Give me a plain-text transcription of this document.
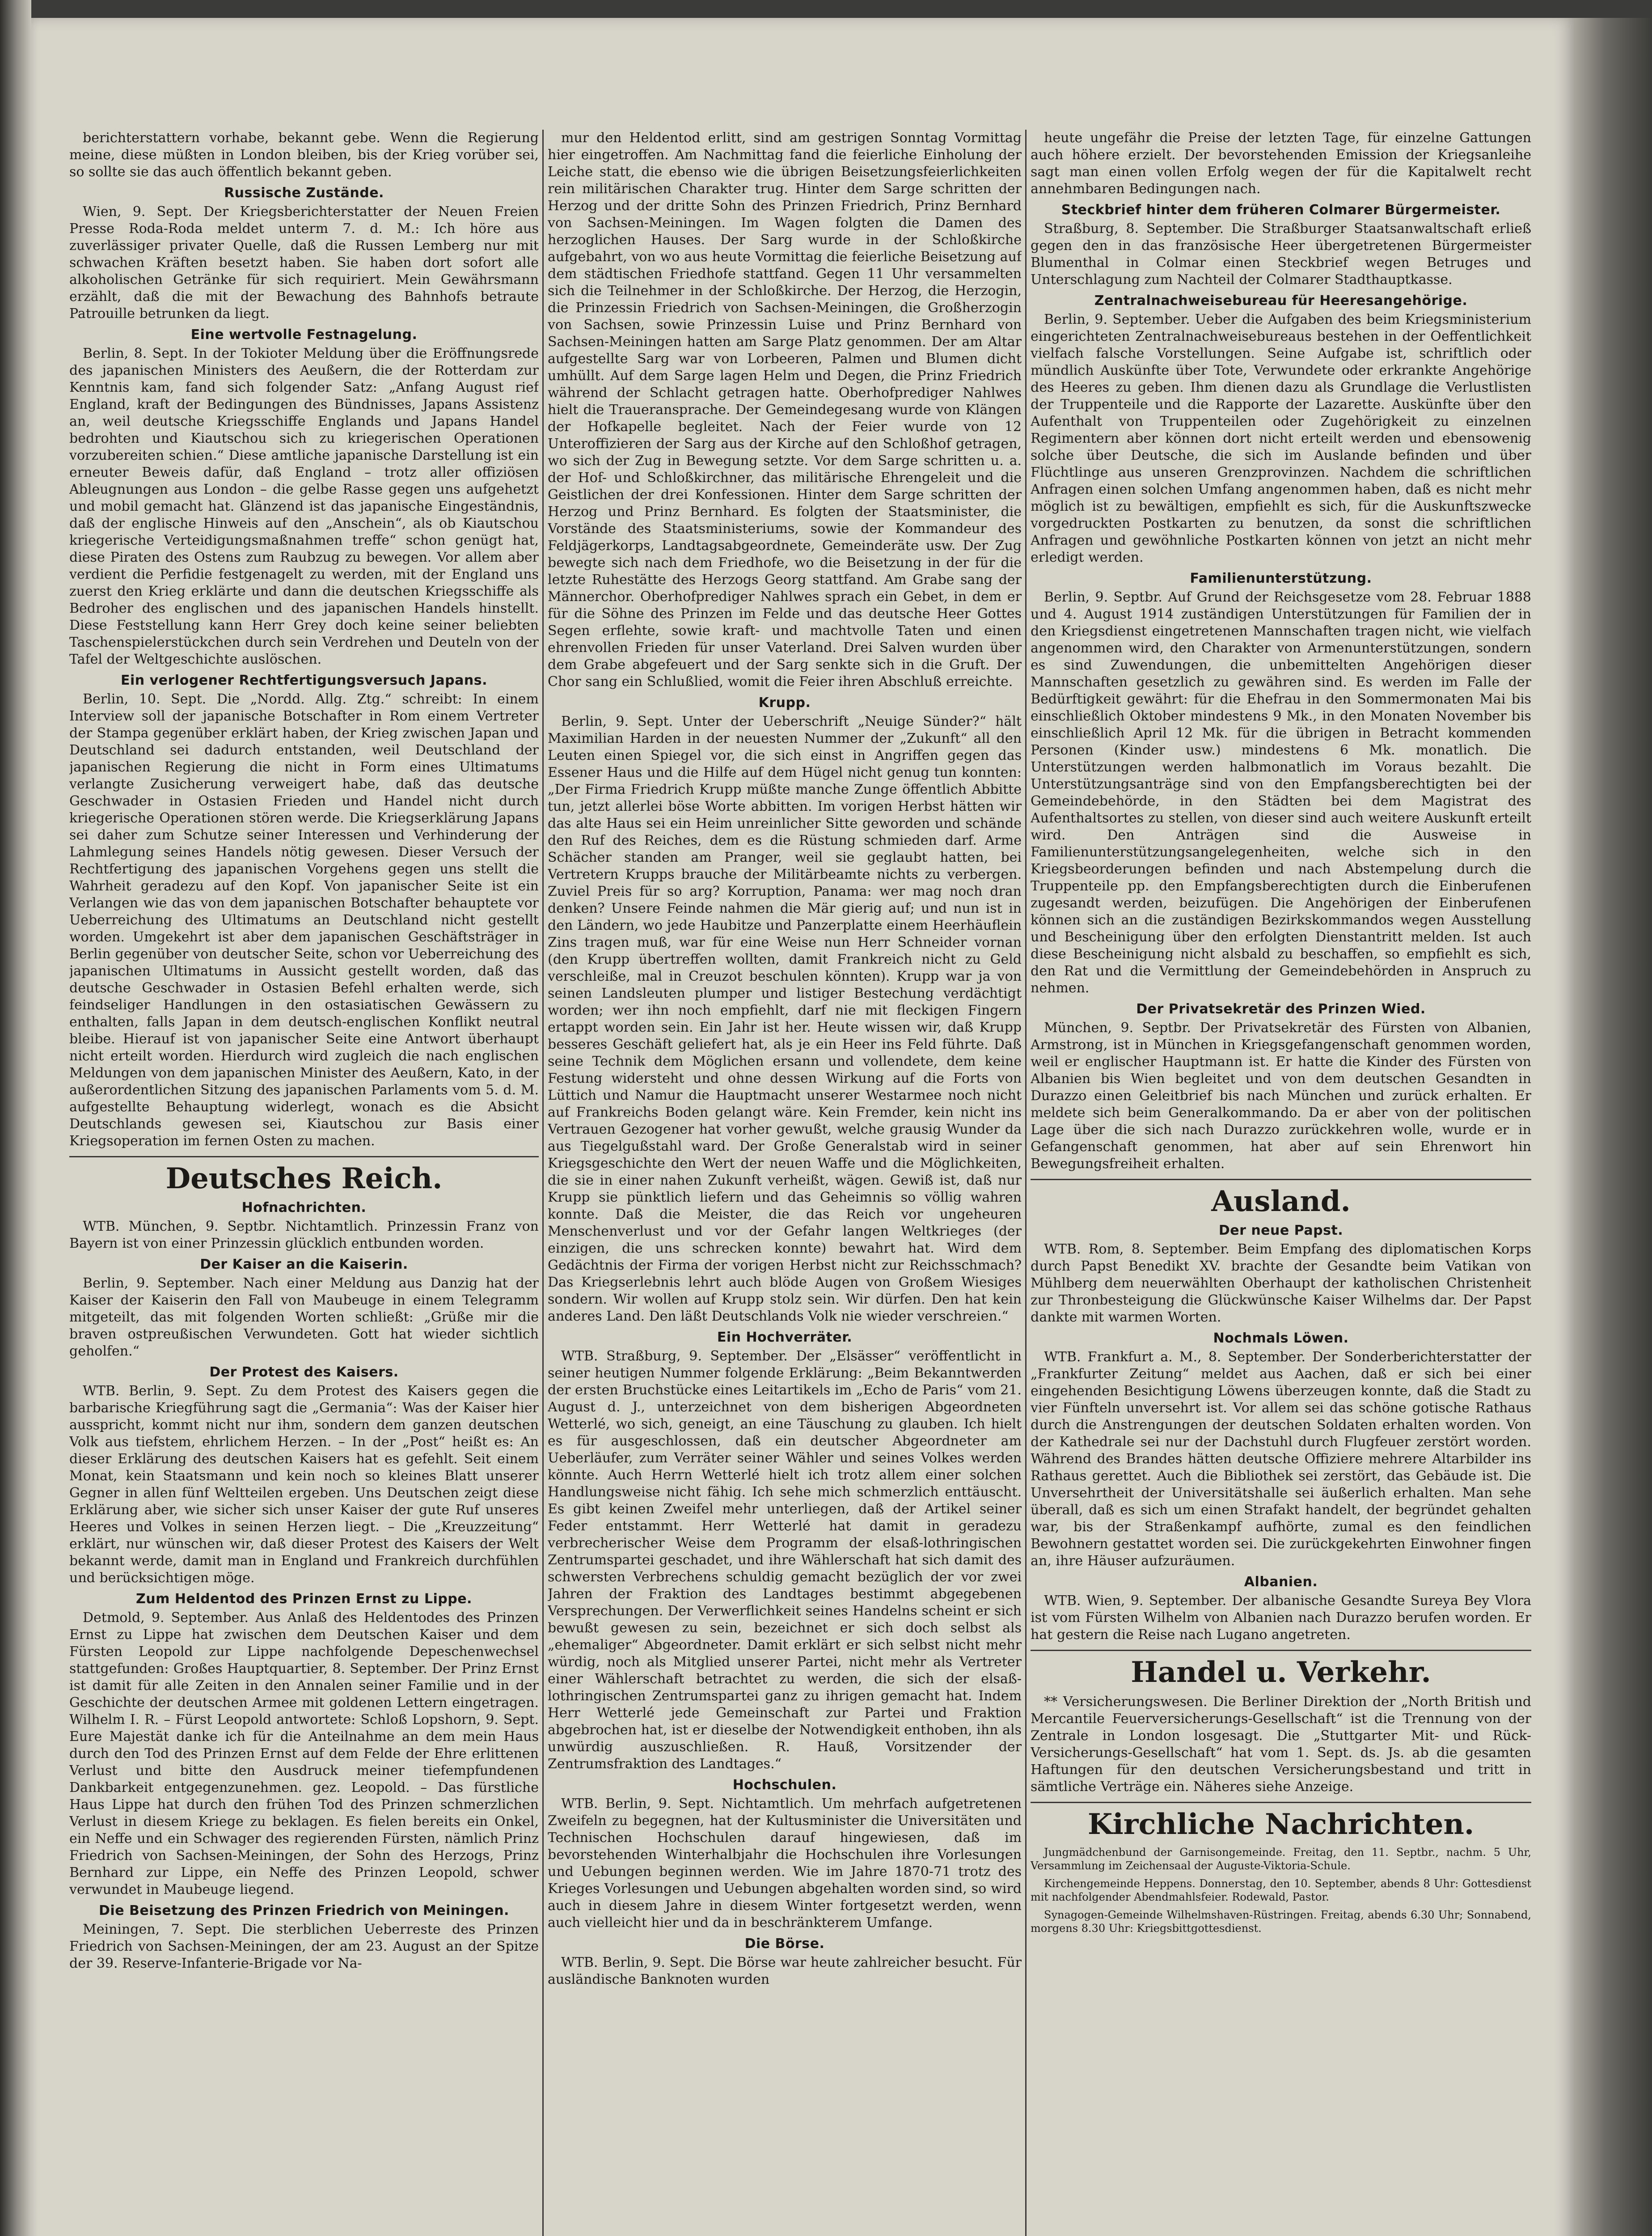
berichterstattern vorhabe, bekannt gebe. Wenn die Regierung meine, diese müßten in London bleiben, bis der Krieg vorüber sei, so sollte sie das auch öffentlich bekannt geben.

Russische Zustände.

Wien, 9. Sept. Der Kriegsberichterstatter der Neuen Freien Presse Roda-Roda meldet unterm 7. d. M.: Ich höre aus zuverlässiger privater Quelle, daß die Russen Lemberg nur mit schwachen Kräften besetzt haben. Sie haben dort sofort alle alkoholischen Getränke für sich requiriert. Mein Gewährsmann erzählt, daß die mit der Bewachung des Bahnhofs betraute Patrouille betrunken da liegt.

Eine wertvolle Festnagelung.

Berlin, 8. Sept. In der Tokioter Meldung über die Eröffnungsrede des japanischen Ministers des Aeußern, die der Rotterdam zur Kenntnis kam, fand sich folgender Satz: „Anfang August rief England, kraft der Bedingungen des Bündnisses, Japans Assistenz an, weil deutsche Kriegsschiffe Englands und Japans Handel bedrohten und Kiautschou sich zu kriegerischen Operationen vorzubereiten schien.“ Diese amtliche japanische Darstellung ist ein erneuter Beweis dafür, daß England – trotz aller offiziösen Ableugnungen aus London – die gelbe Rasse gegen uns aufgehetzt und mobil gemacht hat. Glänzend ist das japanische Eingeständnis, daß der englische Hinweis auf den „Anschein“, als ob Kiautschou kriegerische Verteidigungsmaßnahmen treffe“ schon genügt hat, diese Piraten des Ostens zum Raubzug zu bewegen. Vor allem aber verdient die Perfidie festgenagelt zu werden, mit der England uns zuerst den Krieg erklärte und dann die deutschen Kriegsschiffe als Bedroher des englischen und des japanischen Handels hinstellt. Diese Feststellung kann Herr Grey doch keine seiner beliebten Taschenspielerstückchen durch sein Verdrehen und Deuteln von der Tafel der Weltgeschichte auslöschen.

Ein verlogener Rechtfertigungsversuch Japans.

Berlin, 10. Sept. Die „Nordd. Allg. Ztg.“ schreibt: In einem Interview soll der japanische Botschafter in Rom einem Vertreter der Stampa gegenüber erklärt haben, der Krieg zwischen Japan und Deutschland sei dadurch entstanden, weil Deutschland der japanischen Regierung die nicht in Form eines Ultimatums verlangte Zusicherung verweigert habe, daß das deutsche Geschwader in Ostasien Frieden und Handel nicht durch kriegerische Operationen stören werde. Die Kriegserklärung Japans sei daher zum Schutze seiner Interessen und Verhinderung der Lahmlegung seines Handels nötig gewesen. Dieser Versuch der Rechtfertigung des japanischen Vorgehens gegen uns stellt die Wahrheit geradezu auf den Kopf. Von japanischer Seite ist ein Verlangen wie das von dem japanischen Botschafter behauptete vor Ueberreichung des Ultimatums an Deutschland nicht gestellt worden. Umgekehrt ist aber dem japanischen Geschäftsträger in Berlin gegenüber von deutscher Seite, schon vor Ueberreichung des japanischen Ultimatums in Aussicht gestellt worden, daß das deutsche Geschwader in Ostasien Befehl erhalten werde, sich feindseliger Handlungen in den ostasiatischen Gewässern zu enthalten, falls Japan in dem deutsch-englischen Konflikt neutral bleibe. Hierauf ist von japanischer Seite eine Antwort überhaupt nicht erteilt worden. Hierdurch wird zugleich die nach englischen Meldungen von dem japanischen Minister des Aeußern, Kato, in der außerordentlichen Sitzung des japanischen Parlaments vom 5. d. M. aufgestellte Behauptung widerlegt, wonach es die Absicht Deutschlands gewesen sei, Kiautschou zur Basis einer Kriegsoperation im fernen Osten zu machen.

Deutsches Reich.
Hofnachrichten.

WTB. München, 9. Septbr. Nichtamtlich. Prinzessin Franz von Bayern ist von einer Prinzessin glücklich entbunden worden.

Der Kaiser an die Kaiserin.

Berlin, 9. September. Nach einer Meldung aus Danzig hat der Kaiser der Kaiserin den Fall von Maubeuge in einem Telegramm mitgeteilt, das mit folgenden Worten schließt: „Grüße mir die braven ostpreußischen Verwundeten. Gott hat wieder sichtlich geholfen.“

Der Protest des Kaisers.

WTB. Berlin, 9. Sept. Zu dem Protest des Kaisers gegen die barbarische Kriegführung sagt die „Germania“: Was der Kaiser hier ausspricht, kommt nicht nur ihm, sondern dem ganzen deutschen Volk aus tiefstem, ehrlichem Herzen. – In der „Post“ heißt es: An dieser Erklärung des deutschen Kaisers hat es gefehlt. Seit einem Monat, kein Staatsmann und kein noch so kleines Blatt unserer Gegner in allen fünf Weltteilen ergeben. Uns Deutschen zeigt diese Erklärung aber, wie sicher sich unser Kaiser der gute Ruf unseres Heeres und Volkes in seinen Herzen liegt. – Die „Kreuzzeitung“ erklärt, nur wünschen wir, daß dieser Protest des Kaisers der Welt bekannt werde, damit man in England und Frankreich durchfühlen und berücksichtigen möge.

Zum Heldentod des Prinzen Ernst zu Lippe.

Detmold, 9. September. Aus Anlaß des Heldentodes des Prinzen Ernst zu Lippe hat zwischen dem Deutschen Kaiser und dem Fürsten Leopold zur Lippe nachfolgende Depeschenwechsel stattgefunden: Großes Hauptquartier, 8. September. Der Prinz Ernst ist damit für alle Zeiten in den Annalen seiner Familie und in der Geschichte der deutschen Armee mit goldenen Lettern eingetragen. Wilhelm I. R. – Fürst Leopold antwortete: Schloß Lopshorn, 9. Sept. Eure Majestät danke ich für die Anteilnahme an dem mein Haus durch den Tod des Prinzen Ernst auf dem Felde der Ehre erlittenen Verlust und bitte den Ausdruck meiner tiefempfundenen Dankbarkeit entgegenzunehmen. gez. Leopold. – Das fürstliche Haus Lippe hat durch den frühen Tod des Prinzen schmerzlichen Verlust in diesem Kriege zu beklagen. Es fielen bereits ein Onkel, ein Neffe und ein Schwager des regierenden Fürsten, nämlich Prinz Friedrich von Sachsen-Meiningen, der Sohn des Herzogs, Prinz Bernhard zur Lippe, ein Neffe des Prinzen Leopold, schwer verwundet in Maubeuge liegend.

Die Beisetzung des Prinzen Friedrich von Meiningen.

Meiningen, 7. Sept. Die sterblichen Ueberreste des Prinzen Friedrich von Sachsen-Meiningen, der am 23. August an der Spitze der 39. Reserve-Infanterie-Brigade vor Na-

mur den Heldentod erlitt, sind am gestrigen Sonntag Vormittag hier eingetroffen. Am Nachmittag fand die feierliche Einholung der Leiche statt, die ebenso wie die übrigen Beisetzungsfeierlichkeiten rein militärischen Charakter trug. Hinter dem Sarge schritten der Herzog und der dritte Sohn des Prinzen Friedrich, Prinz Bernhard von Sachsen-Meiningen. Im Wagen folgten die Damen des herzoglichen Hauses. Der Sarg wurde in der Schloßkirche aufgebahrt, von wo aus heute Vormittag die feierliche Beisetzung auf dem städtischen Friedhofe stattfand. Gegen 11 Uhr versammelten sich die Teilnehmer in der Schloßkirche. Der Herzog, die Herzogin, die Prinzessin Friedrich von Sachsen-Meiningen, die Großherzogin von Sachsen, sowie Prinzessin Luise und Prinz Bernhard von Sachsen-Meiningen hatten am Sarge Platz genommen. Der am Altar aufgestellte Sarg war von Lorbeeren, Palmen und Blumen dicht umhüllt. Auf dem Sarge lagen Helm und Degen, die Prinz Friedrich während der Schlacht getragen hatte. Oberhofprediger Nahlwes hielt die Traueransprache. Der Gemeindegesang wurde von Klängen der Hofkapelle begleitet. Nach der Feier wurde von 12 Unteroffizieren der Sarg aus der Kirche auf den Schloßhof getragen, wo sich der Zug in Bewegung setzte. Vor dem Sarge schritten u. a. der Hof- und Schloßkirchner, das militärische Ehrengeleit und die Geistlichen der drei Konfessionen. Hinter dem Sarge schritten der Herzog und Prinz Bernhard. Es folgten der Staatsminister, die Vorstände des Staatsministeriums, sowie der Kommandeur des Feldjägerkorps, Landtagsabgeordnete, Gemeinderäte usw. Der Zug bewegte sich nach dem Friedhofe, wo die Beisetzung in der für die letzte Ruhestätte des Herzogs Georg stattfand. Am Grabe sang der Männerchor. Oberhofprediger Nahlwes sprach ein Gebet, in dem er für die Söhne des Prinzen im Felde und das deutsche Heer Gottes Segen erflehte, sowie kraft- und machtvolle Taten und einen ehrenvollen Frieden für unser Vaterland. Drei Salven wurden über dem Grabe abgefeuert und der Sarg senkte sich in die Gruft. Der Chor sang ein Schlußlied, womit die Feier ihren Abschluß erreichte.

Krupp.

Berlin, 9. Sept. Unter der Ueberschrift „Neuige Sünder?“ hält Maximilian Harden in der neuesten Nummer der „Zukunft“ all den Leuten einen Spiegel vor, die sich einst in Angriffen gegen das Essener Haus und die Hilfe auf dem Hügel nicht genug tun konnten: „Der Firma Friedrich Krupp müßte manche Zunge öffentlich Abbitte tun, jetzt allerlei böse Worte abbitten. Im vorigen Herbst hätten wir das alte Haus sei ein Heim unreinlicher Sitte geworden und schände den Ruf des Reiches, dem es die Rüstung schmieden darf. Arme Schächer standen am Pranger, weil sie geglaubt hatten, bei Vertretern Krupps brauche der Militärbeamte nichts zu verbergen. Zuviel Preis für so arg? Korruption, Panama: wer mag noch dran denken? Unsere Feinde nahmen die Mär gierig auf; und nun ist in den Ländern, wo jede Haubitze und Panzerplatte einem Heerhäuflein Zins tragen muß, war für eine Weise nun Herr Schneider vornan (den Krupp übertreffen wollten, damit Frankreich nicht zu Geld verschleiße, mal in Creuzot beschulen könnten). Krupp war ja von seinen Landsleuten plumper und listiger Bestechung verdächtigt worden; wer ihn noch empfiehlt, darf nie mit fleckigen Fingern ertappt worden sein. Ein Jahr ist her. Heute wissen wir, daß Krupp besseres Geschäft geliefert hat, als je ein Heer ins Feld führte. Daß seine Technik dem Möglichen ersann und vollendete, dem keine Festung widersteht und ohne dessen Wirkung auf die Forts von Lüttich und Namur die Hauptmacht unserer Westarmee noch nicht auf Frankreichs Boden gelangt wäre. Kein Fremder, kein nicht ins Vertrauen Gezogener hat vorher gewußt, welche grausig Wunder da aus Tiegelgußstahl ward. Der Große Generalstab wird in seiner Kriegsgeschichte den Wert der neuen Waffe und die Möglichkeiten, die sie in einer nahen Zukunft verheißt, wägen. Gewiß ist, daß nur Krupp sie pünktlich liefern und das Geheimnis so völlig wahren konnte. Daß die Meister, die das Reich vor ungeheuren Menschenverlust und vor der Gefahr langen Weltkrieges (der einzigen, die uns schrecken konnte) bewahrt hat. Wird dem Gedächtnis der Firma der vorigen Herbst nicht zur Reichsschmach? Das Kriegserlebnis lehrt auch blöde Augen von Großem Wiesiges sondern. Wir wollen auf Krupp stolz sein. Wir dürfen. Den hat kein anderes Land. Den läßt Deutschlands Volk nie wieder verschreien.“

Ein Hochverräter.

WTB. Straßburg, 9. September. Der „Elsässer“ veröffentlicht in seiner heutigen Nummer folgende Erklärung: „Beim Bekanntwerden der ersten Bruchstücke eines Leitartikels im „Echo de Paris“ vom 21. August d. J., unterzeichnet von dem bisherigen Abgeordneten Wetterlé, wo sich, geneigt, an eine Täuschung zu glauben. Ich hielt es für ausgeschlossen, daß ein deutscher Abgeordneter am Ueberläufer, zum Verräter seiner Wähler und seines Volkes werden könnte. Auch Herrn Wetterlé hielt ich trotz allem einer solchen Handlungsweise nicht fähig. Ich sehe mich schmerzlich enttäuscht. Es gibt keinen Zweifel mehr unterliegen, daß der Artikel seiner Feder entstammt. Herr Wetterlé hat damit in geradezu verbrecherischer Weise dem Programm der elsaß-lothringischen Zentrumspartei geschadet, und ihre Wählerschaft hat sich damit des schwersten Verbrechens schuldig gemacht bezüglich der vor zwei Jahren der Fraktion des Landtages bestimmt abgegebenen Versprechungen. Der Verwerflichkeit seines Handelns scheint er sich bewußt gewesen zu sein, bezeichnet er sich doch selbst als „ehemaliger“ Abgeordneter. Damit erklärt er sich selbst nicht mehr würdig, noch als Mitglied unserer Partei, nicht mehr als Vertreter einer Wählerschaft betrachtet zu werden, die sich der elsaß-lothringischen Zentrumspartei ganz zu ihrigen gemacht hat. Indem Herr Wetterlé jede Gemeinschaft zur Partei und Fraktion abgebrochen hat, ist er dieselbe der Notwendigkeit enthoben, ihn als unwürdig auszuschließen. R. Hauß, Vorsitzender der Zentrumsfraktion des Landtages.“

Hochschulen.

WTB. Berlin, 9. Sept. Nichtamtlich. Um mehrfach aufgetretenen Zweifeln zu begegnen, hat der Kultusminister die Universitäten und Technischen Hochschulen darauf hingewiesen, daß im bevorstehenden Winterhalbjahr die Hochschulen ihre Vorlesungen und Uebungen beginnen werden. Wie im Jahre 1870-71 trotz des Krieges Vorlesungen und Uebungen abgehalten worden sind, so wird auch in diesem Jahre in diesem Winter fortgesetzt werden, wenn auch vielleicht hier und da in beschränkterem Umfange.

Die Börse.

WTB. Berlin, 9. Sept. Die Börse war heute zahlreicher besucht. Für ausländische Banknoten wurden

heute ungefähr die Preise der letzten Tage, für einzelne Gattungen auch höhere erzielt. Der bevorstehenden Emission der Kriegsanleihe sagt man einen vollen Erfolg wegen der für die Kapitalwelt recht annehmbaren Bedingungen nach.

Steckbrief hinter dem früheren Colmarer Bürgermeister.

Straßburg, 8. September. Die Straßburger Staatsanwaltschaft erließ gegen den in das französische Heer übergetretenen Bürgermeister Blumenthal in Colmar einen Steckbrief wegen Betruges und Unterschlagung zum Nachteil der Colmarer Stadthauptkasse.

Zentralnachweisebureau für Heeresangehörige.

Berlin, 9. September. Ueber die Aufgaben des beim Kriegsministerium eingerichteten Zentralnachweisebureaus bestehen in der Oeffentlichkeit vielfach falsche Vorstellungen. Seine Aufgabe ist, schriftlich oder mündlich Auskünfte über Tote, Verwundete oder erkrankte Angehörige des Heeres zu geben. Ihm dienen dazu als Grundlage die Verlustlisten der Truppenteile und die Rapporte der Lazarette. Auskünfte über den Aufenthalt von Truppenteilen oder Zugehörigkeit zu einzelnen Regimentern aber können dort nicht erteilt werden und ebensowenig solche über Deutsche, die sich im Auslande befinden und über Flüchtlinge aus unseren Grenzprovinzen. Nachdem die schriftlichen Anfragen einen solchen Umfang angenommen haben, daß es nicht mehr möglich ist zu bewältigen, empfiehlt es sich, für die Auskunftszwecke vorgedruckten Postkarten zu benutzen, da sonst die schriftlichen Anfragen und gewöhnliche Postkarten können von jetzt an nicht mehr erledigt werden.

Familienunterstützung.

Berlin, 9. Septbr. Auf Grund der Reichsgesetze vom 28. Februar 1888 und 4. August 1914 zuständigen Unterstützungen für Familien der in den Kriegsdienst eingetretenen Mannschaften tragen nicht, wie vielfach angenommen wird, den Charakter von Armenunterstützungen, sondern es sind Zuwendungen, die unbemittelten Angehörigen dieser Mannschaften gesetzlich zu gewähren sind. Es werden im Falle der Bedürftigkeit gewährt: für die Ehefrau in den Sommermonaten Mai bis einschließlich Oktober mindestens 9 Mk., in den Monaten November bis einschließlich April 12 Mk. für die übrigen in Betracht kommenden Personen (Kinder usw.) mindestens 6 Mk. monatlich. Die Unterstützungen werden halbmonatlich im Voraus bezahlt. Die Unterstützungsanträge sind von den Empfangsberechtigten bei der Gemeindebehörde, in den Städten bei dem Magistrat des Aufenthaltsortes zu stellen, von dieser sind auch weitere Auskunft erteilt wird. Den Anträgen sind die Ausweise in Familienunterstützungsangelegenheiten, welche sich in den Kriegsbeorderungen befinden und nach Abstempelung durch die Truppenteile pp. den Empfangsberechtigten durch die Einberufenen zugesandt werden, beizufügen. Die Angehörigen der Einberufenen können sich an die zuständigen Bezirkskommandos wegen Ausstellung und Bescheinigung über den erfolgten Dienstantritt melden. Ist auch diese Bescheinigung nicht alsbald zu beschaffen, so empfiehlt es sich, den Rat und die Vermittlung der Gemeindebehörden in Anspruch zu nehmen.

Der Privatsekretär des Prinzen Wied.

München, 9. Septbr. Der Privatsekretär des Fürsten von Albanien, Armstrong, ist in München in Kriegsgefangenschaft genommen worden, weil er englischer Hauptmann ist. Er hatte die Kinder des Fürsten von Albanien bis Wien begleitet und von dem deutschen Gesandten in Durazzo einen Geleitbrief bis nach München und zurück erhalten. Er meldete sich beim Generalkommando. Da er aber von der politischen Lage über die sich nach Durazzo zurückkehren wolle, wurde er in Gefangenschaft genommen, hat aber auf sein Ehrenwort hin Bewegungsfreiheit erhalten.

Ausland.
Der neue Papst.

WTB. Rom, 8. September. Beim Empfang des diplomatischen Korps durch Papst Benedikt XV. brachte der Gesandte beim Vatikan von Mühlberg dem neuerwählten Oberhaupt der katholischen Christenheit zur Thronbesteigung die Glückwünsche Kaiser Wilhelms dar. Der Papst dankte mit warmen Worten.

Nochmals Löwen.

WTB. Frankfurt a. M., 8. September. Der Sonderberichterstatter der „Frankfurter Zeitung“ meldet aus Aachen, daß er sich bei einer eingehenden Besichtigung Löwens überzeugen konnte, daß die Stadt zu vier Fünfteln unversehrt ist. Vor allem sei das schöne gotische Rathaus durch die Anstrengungen der deutschen Soldaten erhalten worden. Von der Kathedrale sei nur der Dachstuhl durch Flugfeuer zerstört worden. Während des Brandes hätten deutsche Offiziere mehrere Altarbilder ins Rathaus gerettet. Auch die Bibliothek sei zerstört, das Gebäude ist. Die Unversehrtheit der Universitätshalle sei äußerlich erhalten. Man sehe überall, daß es sich um einen Strafakt handelt, der begründet gehalten war, bis der Straßenkampf aufhörte, zumal es den feindlichen Bewohnern gestattet worden sei. Die zurückgekehrten Einwohner fingen an, ihre Häuser aufzuräumen.

Albanien.

WTB. Wien, 9. September. Der albanische Gesandte Sureya Bey Vlora ist vom Fürsten Wilhelm von Albanien nach Durazzo berufen worden. Er hat gestern die Reise nach Lugano angetreten.

Handel u. Verkehr.

** Versicherungswesen. Die Berliner Direktion der „North British und Mercantile Feuerversicherungs-Gesellschaft“ ist die Trennung von der Zentrale in London losgesagt. Die „Stuttgarter Mit- und Rück-Versicherungs-Gesellschaft“ hat vom 1. Sept. ds. Js. ab die gesamten Haftungen für den deutschen Versicherungsbestand und tritt in sämtliche Verträge ein. Näheres siehe Anzeige.

Kirchliche Nachrichten.
Jungmädchenbund der Garnisongemeinde. Freitag, den 11. Septbr., nachm. 5 Uhr, Versammlung im Zeichensaal der Auguste-Viktoria-Schule.
Kirchengemeinde Heppens. Donnerstag, den 10. September, abends 8 Uhr: Gottesdienst mit nachfolgender Abendmahlsfeier. Rodewald, Pastor.
Synagogen-Gemeinde Wilhelmshaven-Rüstringen. Freitag, abends 6.30 Uhr; Sonnabend, morgens 8.30 Uhr: Kriegsbittgottesdienst.
